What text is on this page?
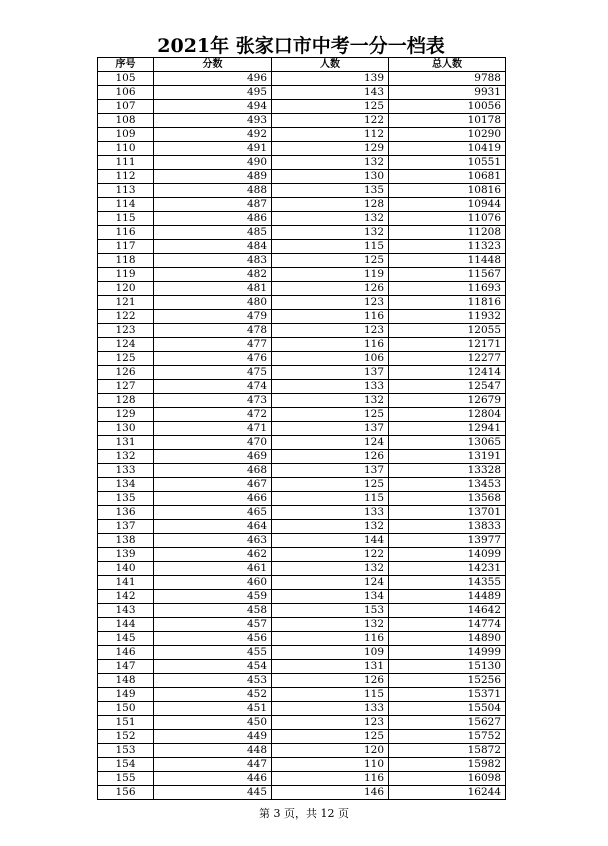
2021年 张家口市中考一分一档表
序号	分数	人数	总人数
105	496	139	9788
106	495	143	9931
107	494	125	10056
108	493	122	10178
109	492	112	10290
110	491	129	10419
111	490	132	10551
112	489	130	10681
113	488	135	10816
114	487	128	10944
115	486	132	11076
116	485	132	11208
117	484	115	11323
118	483	125	11448
119	482	119	11567
120	481	126	11693
121	480	123	11816
122	479	116	11932
123	478	123	12055
124	477	116	12171
125	476	106	12277
126	475	137	12414
127	474	133	12547
128	473	132	12679
129	472	125	12804
130	471	137	12941
131	470	124	13065
132	469	126	13191
133	468	137	13328
134	467	125	13453
135	466	115	13568
136	465	133	13701
137	464	132	13833
138	463	144	13977
139	462	122	14099
140	461	132	14231
141	460	124	14355
142	459	134	14489
143	458	153	14642
144	457	132	14774
145	456	116	14890
146	455	109	14999
147	454	131	15130
148	453	126	15256
149	452	115	15371
150	451	133	15504
151	450	123	15627
152	449	125	15752
153	448	120	15872
154	447	110	15982
155	446	116	16098
156	445	146	16244
第 3 页，共 12 页
